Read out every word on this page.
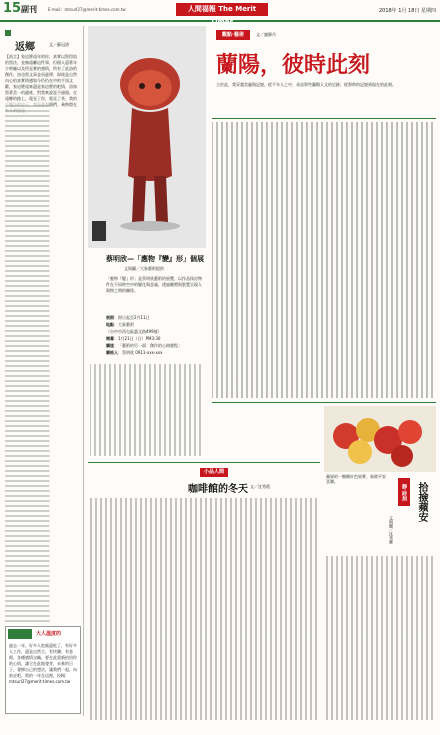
15 副刊	E-mail：mtsurl27@merit-times.com.tw	人間福報 The Merit Times
2018年 1月 18日 星期四
返鄉	文／蘇冠渚
【前言】家這麼遠年的你，真實以寫得流的寫法，並無遠離這件事，但個人還著年少時騷以及所見實的感情，所有了此詩的創作。詩也寫文章並而遙傳，即使是自然內心的真實情感如今仍仍在中的手訊文獻，家這麼遠來還是家這麼的吧情，詩如寫著美一的遺產，對我來說是不過個。在遠鄉的路上，電見了你，電見了茶，我的
大人溫度的
過去一年，好多人吃飯還吃了，有好多人工作，還是自然主，有快樂、有悲傷，各種感情交織，要在此重新拾回你的心情，讓它在此地發芽，未來的日子，發揮自己的想法，讓我們一起，向前走吧，寫的一年在這裡，投稿：mtsurl27@merit-times.com.tw
蔡明欣—「應物『變』形」個展
文與圖／大象藝術提供
「應物『變』形」是蔡明欣藝術的展覽，以作品探討物件在不同時空中的變化與意義，透過雕塑與裝置呈現人與物之間的關係。
展期：即日起至2月11日
地點：大象藝術
（台中市西屯區惠文路499號）
開幕：1月21日（日）PM3:30
講座：「藝術的另一面：創作的心路歷程」
聯絡人：蔡明欣 0911-xxx-xxx
觀點·藝術	文／謝靜丹
蘭陽，彼時此刻
立於此，我穿越美麗與記憶，從千年人之中，尋訪那些蘭陽人文的足跡，從那時的記憶到現在的此刻。
小品人間
咖啡館的冬天 文／沈秀霞
蘋果的一顆顆紅色果實，象徵平安喜樂。
靜·時刻 拾撿蘋安
文與圖／沈秀卿
